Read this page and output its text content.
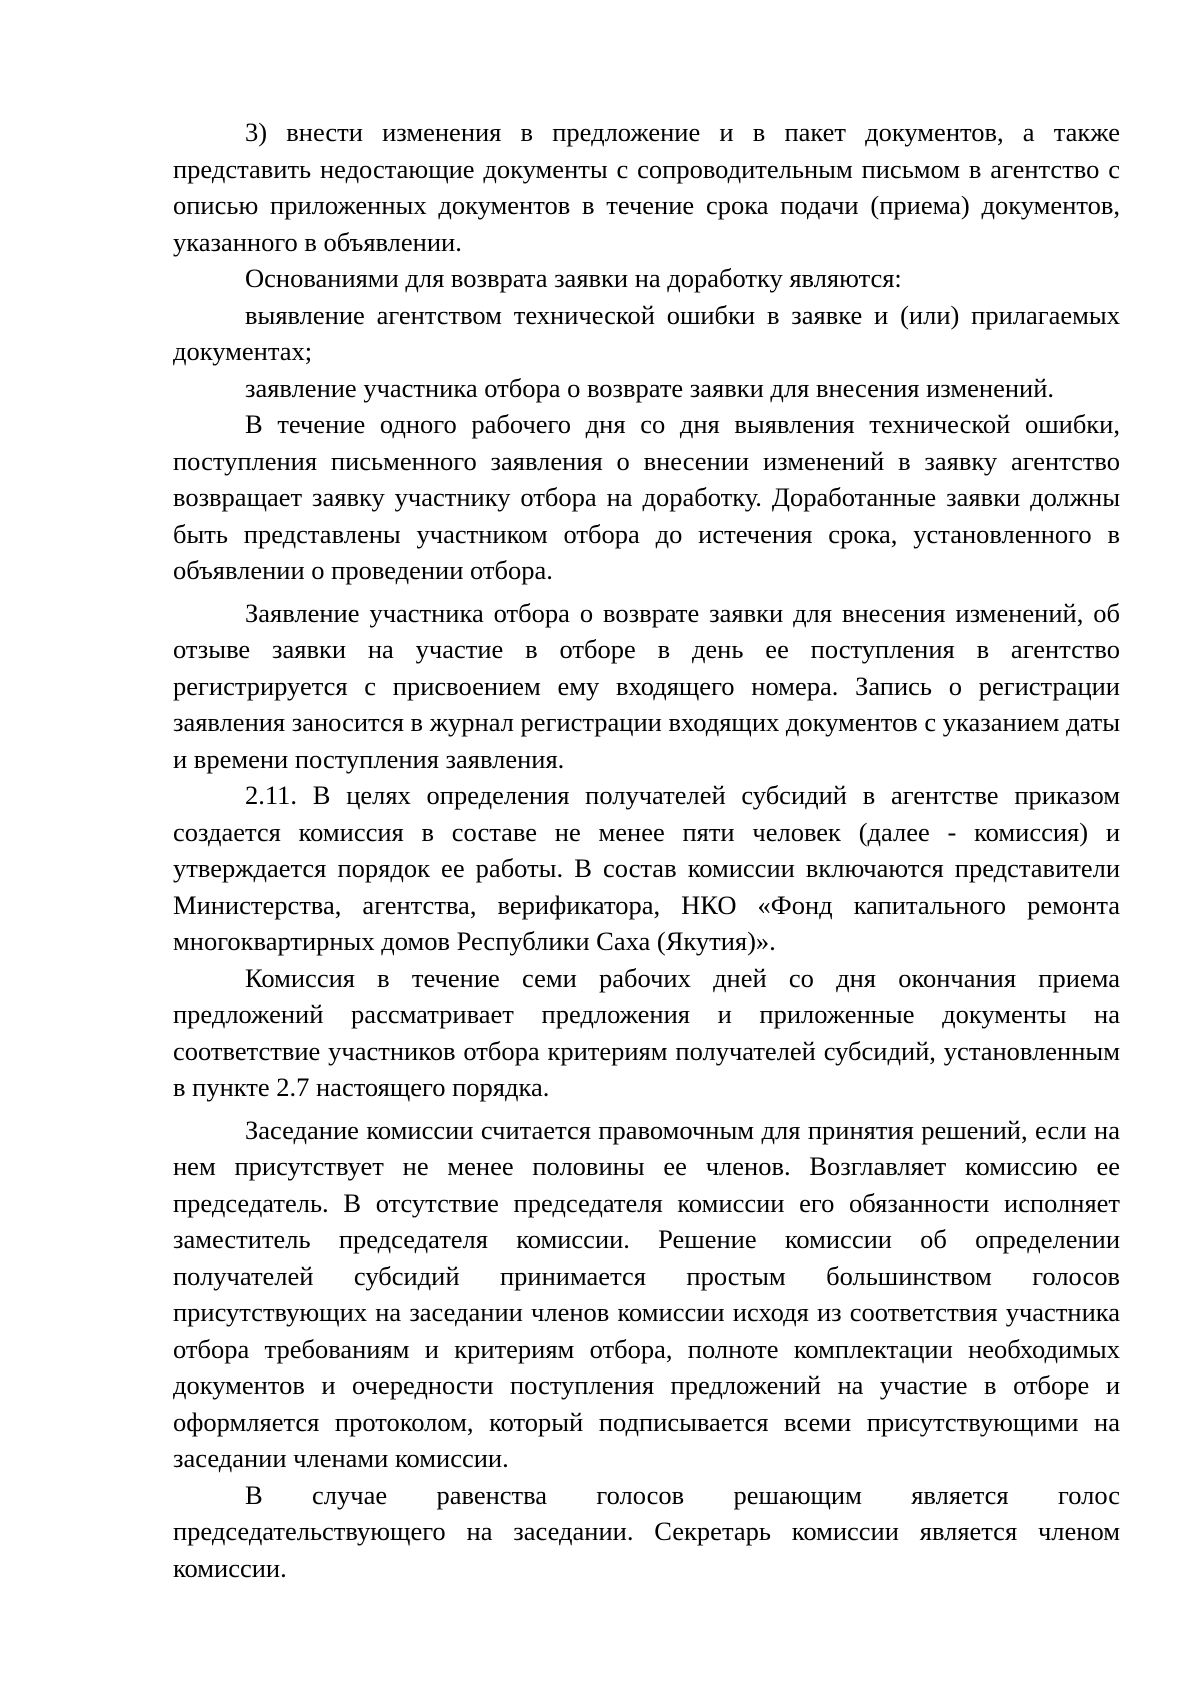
3) внести изменения в предложение и в пакет документов, а также представить недостающие документы с сопроводительным письмом в агентство с описью приложенных документов в течение срока подачи (приема) документов, указанного в объявлении.

Основаниями для возврата заявки на доработку являются:

выявление агентством технической ошибки в заявке и (или) прилагаемых документах;

заявление участника отбора о возврате заявки для внесения изменений.

В течение одного рабочего дня со дня выявления технической ошибки, поступления письменного заявления о внесении изменений в заявку агентство возвращает заявку участнику отбора на доработку. Доработанные заявки должны быть представлены участником отбора до истечения срока, установленного в объявлении о проведении отбора.

Заявление участника отбора о возврате заявки для внесения изменений, об отзыве заявки на участие в отборе в день ее поступления в агентство регистрируется с присвоением ему входящего номера. Запись о регистрации заявления заносится в журнал регистрации входящих документов с указанием даты и времени поступления заявления.

2.11. В целях определения получателей субсидий в агентстве приказом создается комиссия в составе не менее пяти человек (далее - комиссия) и утверждается порядок ее работы. В состав комиссии включаются представители Министерства, агентства, верификатора, НКО «Фонд капитального ремонта многоквартирных домов Республики Саха (Якутия)».

Комиссия в течение семи рабочих дней со дня окончания приема предложений рассматривает предложения и приложенные документы на соответствие участников отбора критериям получателей субсидий, установленным в пункте 2.7 настоящего порядка.

Заседание комиссии считается правомочным для принятия решений, если на нем присутствует не менее половины ее членов. Возглавляет комиссию ее председатель. В отсутствие председателя комиссии его обязанности исполняет заместитель председателя комиссии. Решение комиссии об определении получателей субсидий принимается простым большинством голосов присутствующих на заседании членов комиссии исходя из соответствия участника отбора требованиям и критериям отбора, полноте комплектации необходимых документов и очередности поступления предложений на участие в отборе и оформляется протоколом, который подписывается всеми присутствующими на заседании членами комиссии.

В случае равенства голосов решающим является голос председательствующего на заседании. Секретарь комиссии является членом комиссии.
